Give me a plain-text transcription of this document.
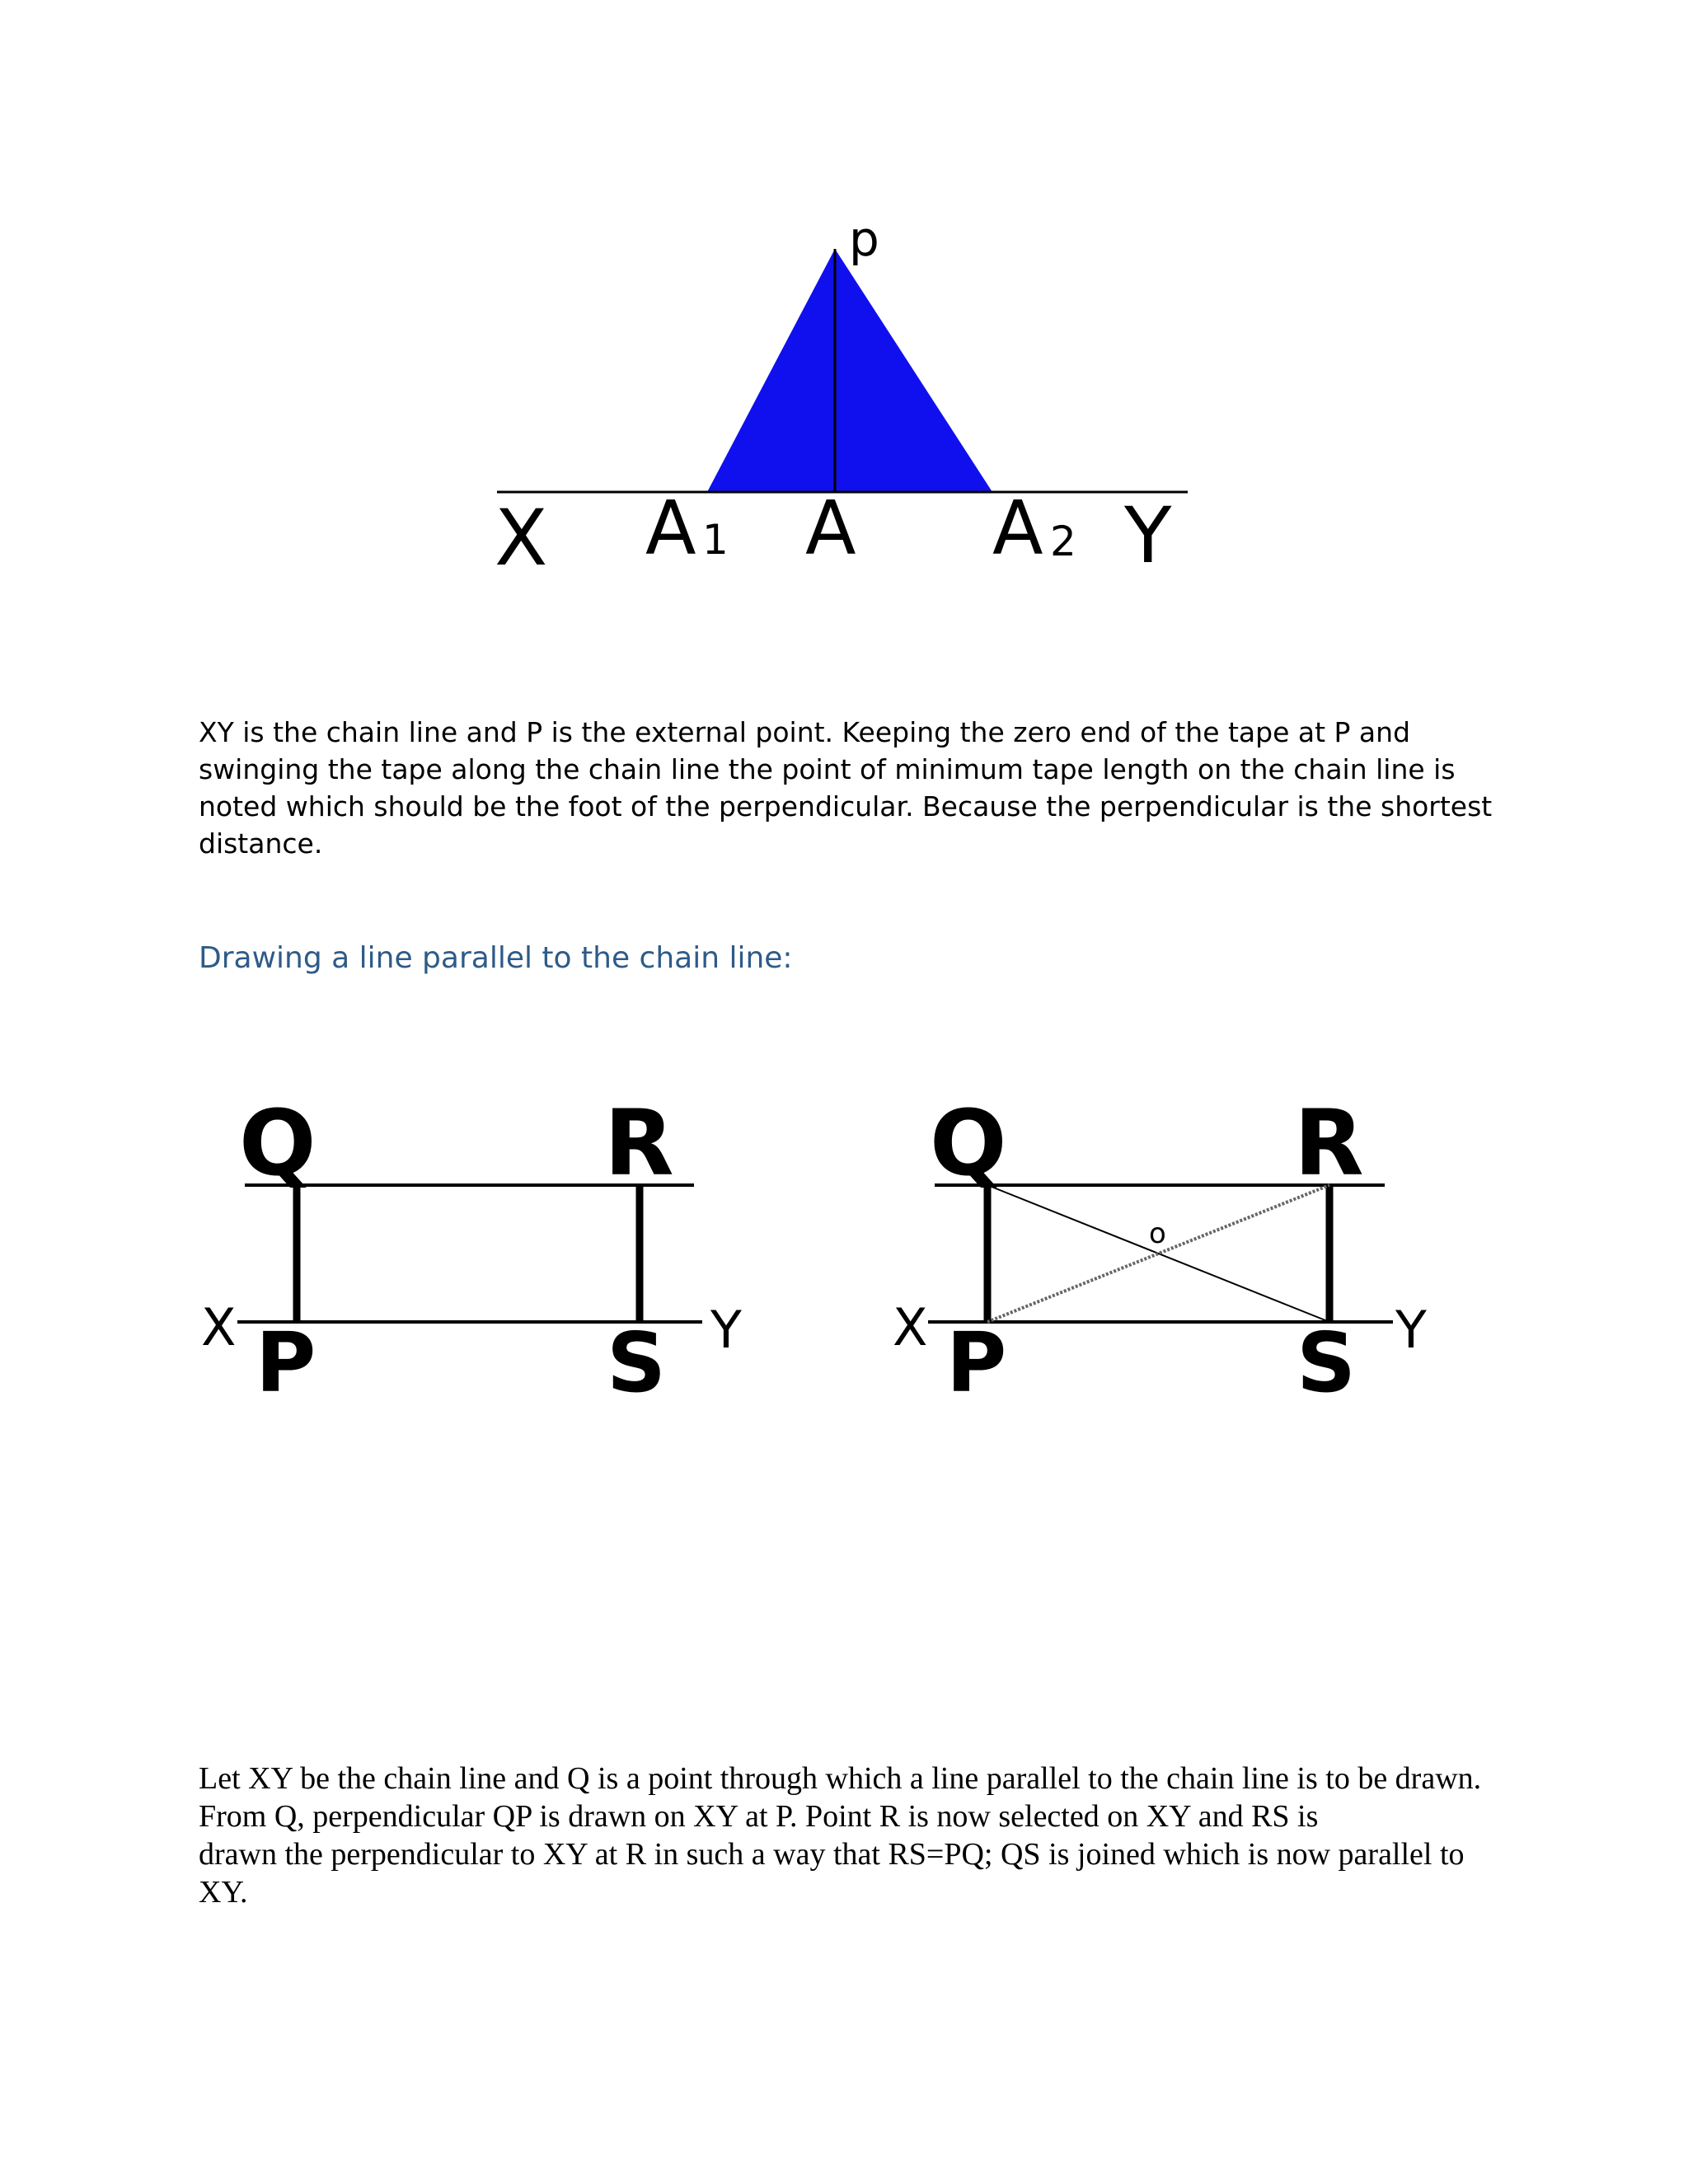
p
X A 1 A A 2 Y
XY is the chain line and P is the external point. Keeping the zero end of the tape at P and swinging the tape along the chain line the point of minimum tape length on the chain line is noted which should be the foot of the perpendicular. Because the perpendicular is the shortest distance.
Drawing a line parallel to the chain line:
Q	R
X P	S Y
Q	R
o
X P	S Y
Let XY be the chain line and Q is a point through which a line parallel to the chain line is to be drawn. From Q, perpendicular QP is drawn on XY at P. Point R is now selected on XY and RS is
drawn the perpendicular to XY at R in such a way that RS=PQ; QS is joined which is now parallel to XY.
